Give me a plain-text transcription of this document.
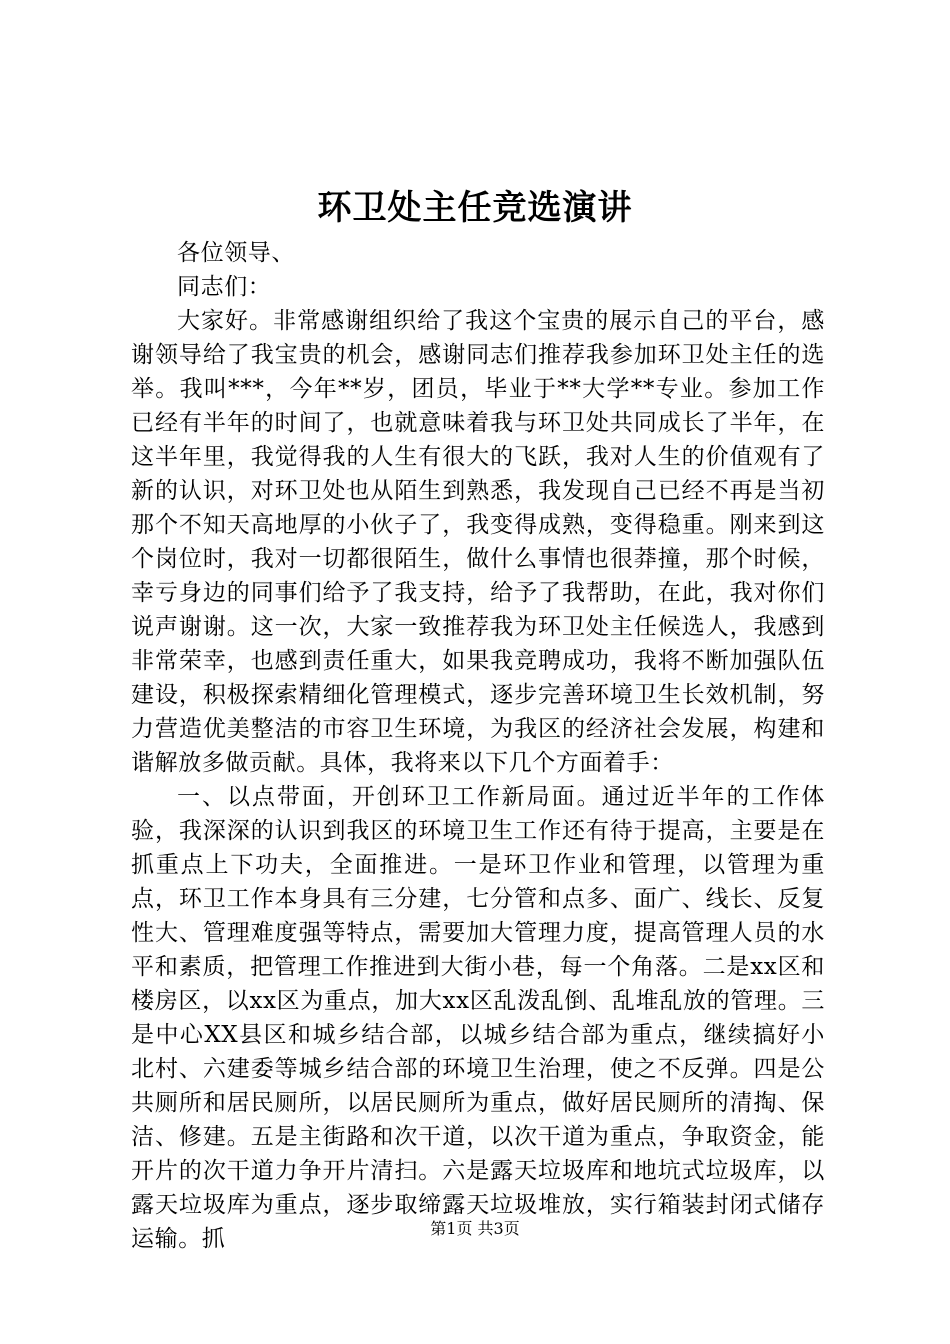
环卫处主任竞选演讲

各位领导、

同志们：

大家好。非常感谢组织给了我这个宝贵的展示自己的平台，感谢领导给了我宝贵的机会，感谢同志们推荐我参加环卫处主任的选举。我叫***，今年**岁，团员，毕业于**大学**专业。参加工作已经有半年的时间了，也就意味着我与环卫处共同成长了半年，在这半年里，我觉得我的人生有很大的飞跃，我对人生的价值观有了新的认识，对环卫处也从陌生到熟悉，我发现自己已经不再是当初那个不知天高地厚的小伙子了，我变得成熟，变得稳重。刚来到这个岗位时，我对一切都很陌生，做什么事情也很莽撞，那个时候，幸亏身边的同事们给予了我支持，给予了我帮助，在此，我对你们说声谢谢。这一次，大家一致推荐我为环卫处主任候选人，我感到非常荣幸，也感到责任重大，如果我竞聘成功，我将不断加强队伍建设，积极探索精细化管理模式，逐步完善环境卫生长效机制，努力营造优美整洁的市容卫生环境，为我区的经济社会发展，构建和谐解放多做贡献。具体，我将来以下几个方面着手：

一、以点带面，开创环卫工作新局面。通过近半年的工作体验，我深深的认识到我区的环境卫生工作还有待于提高，主要是在抓重点上下功夫，全面推进。一是环卫作业和管理，以管理为重点，环卫工作本身具有三分建，七分管和点多、面广、线长、反复性大、管理难度强等特点，需要加大管理力度，提高管理人员的水平和素质，把管理工作推进到大街小巷，每一个角落。二是xx区和楼房区，以xx区为重点，加大xx区乱泼乱倒、乱堆乱放的管理。三是中心XX县区和城乡结合部，以城乡结合部为重点，继续搞好小北村、六建委等城乡结合部的环境卫生治理，使之不反弹。四是公共厕所和居民厕所，以居民厕所为重点，做好居民厕所的清掏、保洁、修建。五是主街路和次干道，以次干道为重点，争取资金，能开片的次干道力争开片清扫。六是露天垃圾库和地坑式垃圾库，以露天垃圾库为重点，逐步取缔露天垃圾堆放，实行箱装封闭式储存运输。抓	第1页 共3页
